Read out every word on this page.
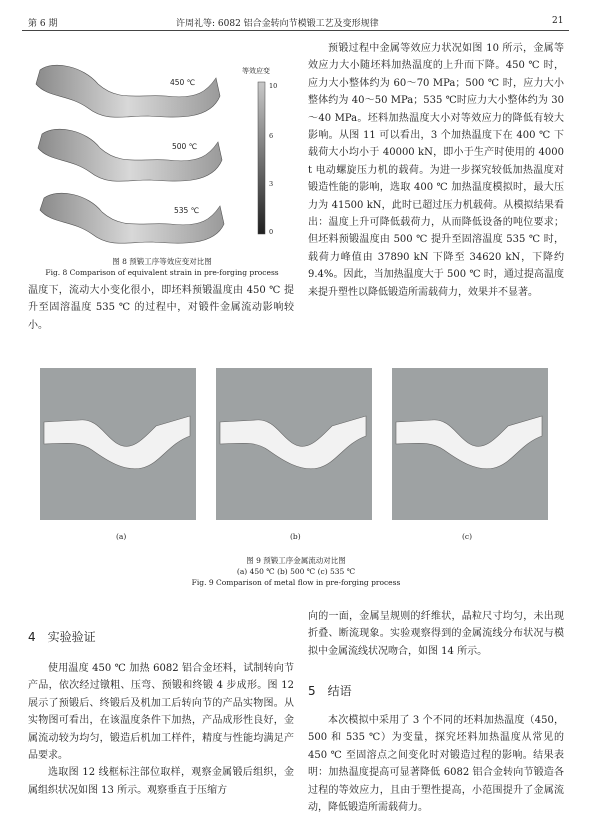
第 6 期	许周礼等: 6082 铝合金转向节模锻工艺及变形规律	21
450 ℃
500 ℃
535 ℃
等效应变
10
6
3
0
图 8 预锻工序等效应变对比图
Fig. 8 Comparison of equivalent strain in pre-forging process

温度下，流动大小变化很小，即坯料预锻温度由 450 ℃ 提升至固溶温度 535 ℃ 的过程中，对锻件金属流动影响较小。

预锻过程中金属等效应力状况如图 10 所示，金属等效应力大小随坯料加热温度的上升而下降。450 ℃ 时，应力大小整体约为 60～70 MPa；500 ℃ 时，应力大小整体约为 40～50 MPa；535 ℃时应力大小整体约为 30～40 MPa。坯料加热温度大小对等效应力的降低有较大影响。从图 11 可以看出，3 个加热温度下在 400 ℃ 下载荷大小均小于 40000 kN，即小于生产时使用的 4000 t 电动螺旋压力机的载荷。为进一步探究较低加热温度对锻造性能的影响，选取 400 ℃ 加热温度模拟时，最大压力为 41500 kN，此时已超过压力机载荷。从模拟结果看出：温度上升可降低载荷力，从而降低设备的吨位要求；但坯料预锻温度由 500 ℃ 提升至固溶温度 535 ℃ 时，载荷力峰值由 37890 kN 下降至 34620 kN，下降约 9.4%。因此，当加热温度大于 500 ℃ 时，通过提高温度来提升塑性以降低锻造所需载荷力，效果并不显著。

(a)	(b)	(c)
图 9 预锻工序金属流动对比图
(a) 450 ℃ (b) 500 ℃ (c) 535 ℃
Fig. 9 Comparison of metal flow in pre-forging process
4 实验验证

使用温度 450 ℃ 加热 6082 铝合金坯料，试制转向节产品，依次经过镦粗、压弯、预锻和终锻 4 步成形。图 12 展示了预锻后、终锻后及机加工后转向节的产品实物图。从实物图可看出，在该温度条件下加热，产品成形性良好，金属流动较为均匀，锻造后机加工样件，精度与性能均满足产品要求。

选取图 12 线框标注部位取样，观察金属锻后组织，金属组织状况如图 13 所示。观察垂直于压缩方

向的一面，金属呈规则的纤维状，晶粒尺寸均匀，未出现折叠、断流现象。实验观察得到的金属流线分布状况与模拟中金属流线状况吻合，如图 14 所示。

5 结语

本次模拟中采用了 3 个不同的坯料加热温度（450，500 和 535 ℃）为变量，探究坯料加热温度从常见的 450 ℃ 至固溶点之间变化时对锻造过程的影响。结果表明：加热温度提高可显著降低 6082 铝合金转向节锻造各过程的等效应力，且由于塑性提高，小范围提升了金属流动，降低锻造所需载荷力。
